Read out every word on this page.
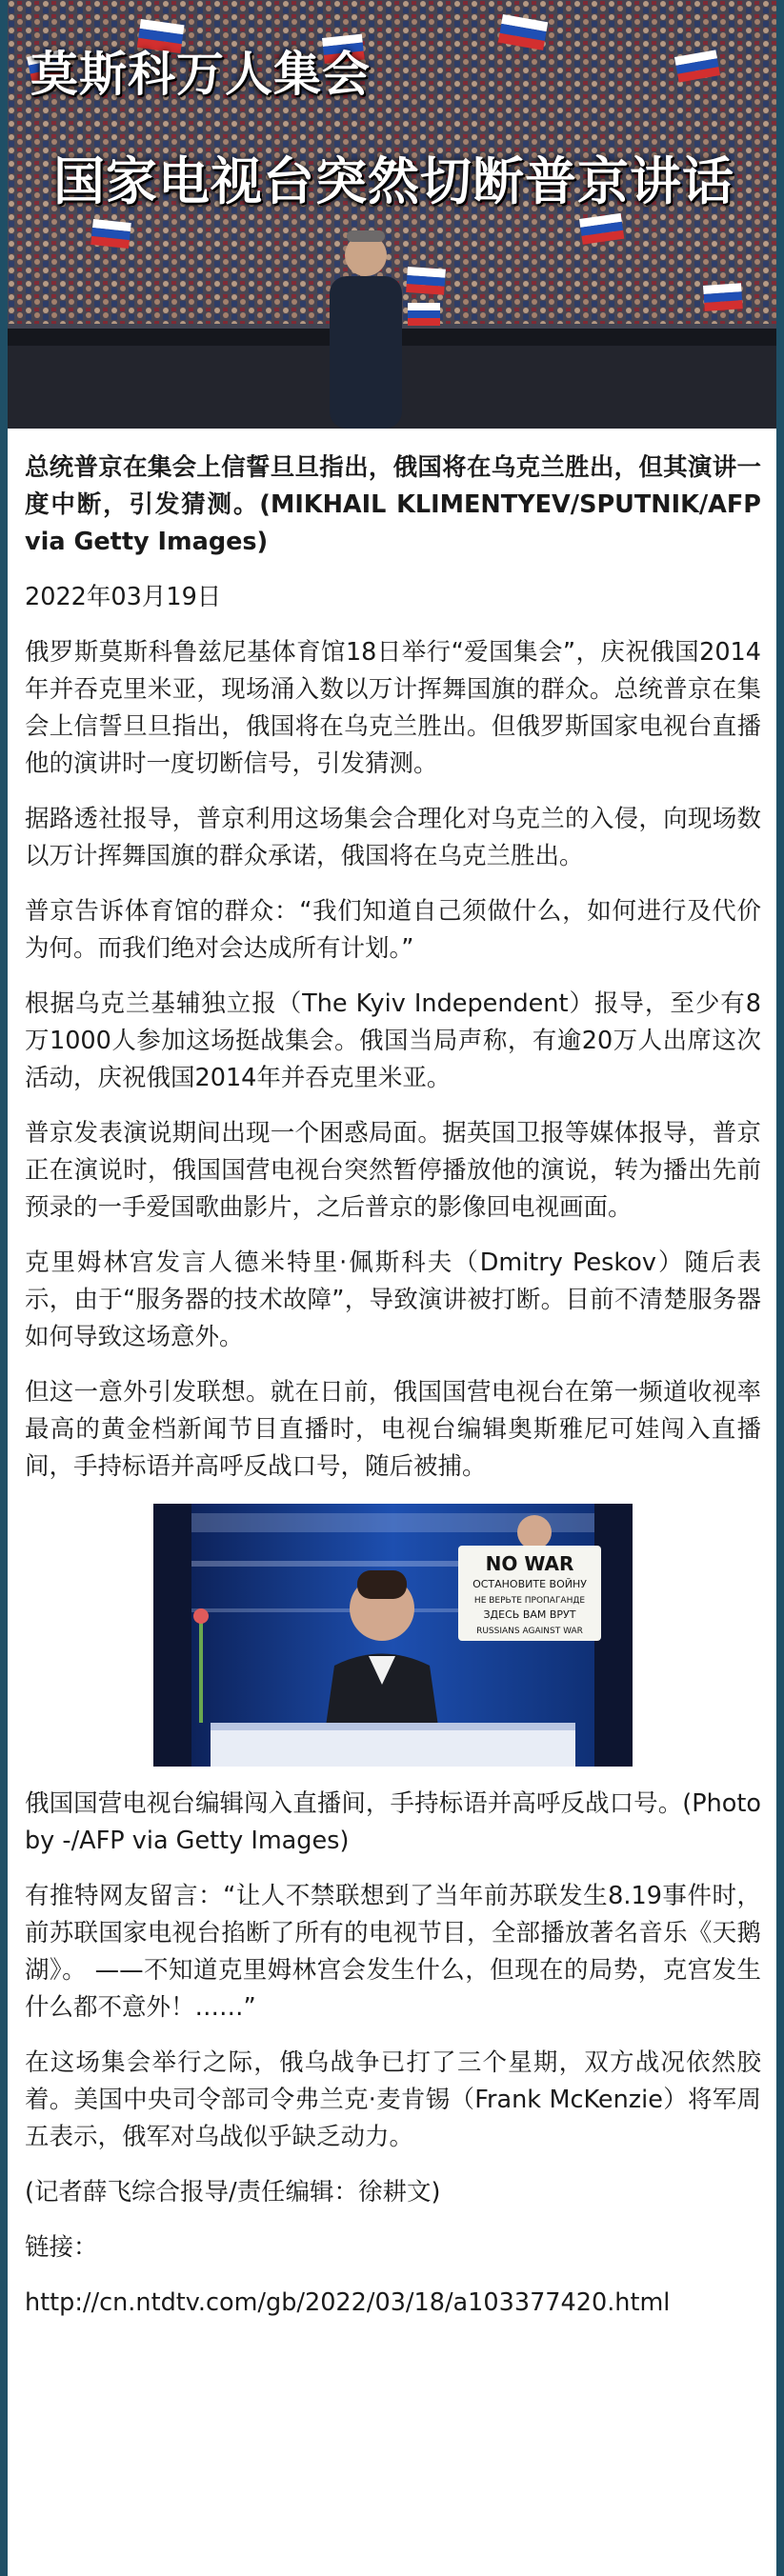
莫斯科万人集会
国家电视台突然切断普京讲话

总统普京在集会上信誓旦旦指出，俄国将在乌克兰胜出，但其演讲一度中断，引发猜测。(MIKHAIL KLIMENTYEV/SPUTNIK/AFP via Getty Images)

2022年03月19日

俄罗斯莫斯科鲁兹尼基体育馆18日举行“爱国集会”，庆祝俄国2014年并吞克里米亚，现场涌入数以万计挥舞国旗的群众。总统普京在集会上信誓旦旦指出，俄国将在乌克兰胜出。但俄罗斯国家电视台直播他的演讲时一度切断信号，引发猜测。

据路透社报导，普京利用这场集会合理化对乌克兰的入侵，向现场数以万计挥舞国旗的群众承诺，俄国将在乌克兰胜出。

普京告诉体育馆的群众：“我们知道自己须做什么，如何进行及代价为何。而我们绝对会达成所有计划。”

根据乌克兰基辅独立报（The Kyiv Independent）报导，至少有8万1000人参加这场挺战集会。俄国当局声称，有逾20万人出席这次活动，庆祝俄国2014年并吞克里米亚。

普京发表演说期间出现一个困惑局面。据英国卫报等媒体报导，普京正在演说时，俄国国营电视台突然暂停播放他的演说，转为播出先前预录的一手爱国歌曲影片，之后普京的影像回电视画面。

克里姆林宫发言人德米特里·佩斯科夫（Dmitry Peskov）随后表示，由于“服务器的技术故障”，导致演讲被打断。目前不清楚服务器如何导致这场意外。

但这一意外引发联想。就在日前，俄国国营电视台在第一频道收视率最高的黄金档新闻节目直播时，电视台编辑奥斯雅尼可娃闯入直播间，手持标语并高呼反战口号，随后被捕。

NO WAR
ОСТАНОВИТЕ ВОЙНУ
НЕ ВЕРЬТЕ ПРОПАГАНДЕ
ЗДЕСЬ ВАМ ВРУТ
RUSSIANS AGAINST WAR

俄国国营电视台编辑闯入直播间，手持标语并高呼反战口号。(Photo by -/AFP via Getty Images)

有推特网友留言：“让人不禁联想到了当年前苏联发生8.19事件时，前苏联国家电视台掐断了所有的电视节目，全部播放著名音乐《天鹅湖》。 ——不知道克里姆林宫会发生什么，但现在的局势，克宫发生什么都不意外！……”

在这场集会举行之际，俄乌战争已打了三个星期，双方战况依然胶着。美国中央司令部司令弗兰克·麦肯锡（Frank McKenzie）将军周五表示，俄军对乌战似乎缺乏动力。

(记者薛飞综合报导/责任编辑：徐耕文)

链接：

http://cn.ntdtv.com/gb/2022/03/18/a103377420.html
